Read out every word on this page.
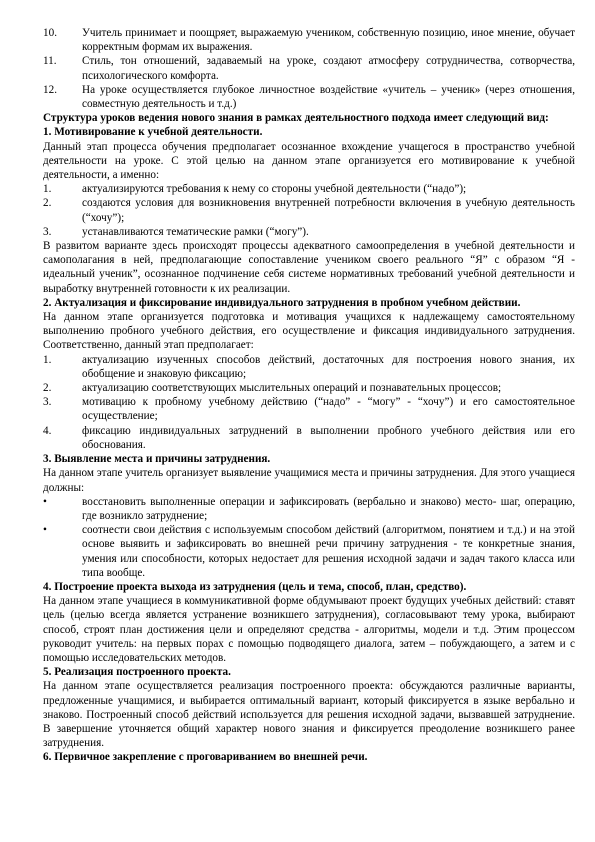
10.	Учитель принимает и поощряет, выражаемую учеником, собственную позицию, иное мнение, обучает корректным формам их выражения.
11.	Стиль, тон отношений, задаваемый на уроке, создают атмосферу сотрудничества, сотворчества, психологического комфорта.
12.	На уроке осуществляется глубокое личностное воздействие «учитель – ученик» (через отношения, совместную деятельность и т.д.)

Структура уроков ведения нового знания в рамках деятельностного подхода имеет следующий вид:

1. Мотивирование к учебной деятельности.

Данный этап процесса обучения предполагает осознанное вхождение учащегося в пространство учебной деятельности на уроке. С этой целью на данном этапе организуется его мотивирование к учебной деятельности, а именно:

1.	актуализируются требования к нему со стороны учебной деятельности (“надо”);
2.	создаются условия для возникновения внутренней потребности включения в учебную деятельность (“хочу”);
3.	устанавливаются тематические рамки (“могу”).

В развитом варианте здесь происходят процессы адекватного самоопределения в учебной деятельности и самополагания в ней, предполагающие сопоставление учеником своего реального “Я” с образом “Я - идеальный ученик”, осознанное подчинение себя системе нормативных требований учебной деятельности и выработку внутренней готовности к их реализации.

2. Актуализация и фиксирование индивидуального затруднения в пробном учебном действии.

На данном этапе организуется подготовка и мотивация учащихся к надлежащему самостоятельному выполнению пробного учебного действия, его осуществление и фиксация индивидуального затруднения. Соответственно, данный этап предполагает:

1.	актуализацию изученных способов действий, достаточных для построения нового знания, их обобщение и знаковую фиксацию;
2.	актуализацию соответствующих мыслительных операций и познавательных процессов;
3.	мотивацию к пробному учебному действию (“надо” - “могу” - “хочу”) и его самостоятельное осуществление;
4.	фиксацию индивидуальных затруднений в выполнении пробного учебного действия или его обоснования.

3. Выявление места и причины затруднения.

На данном этапе учитель организует выявление учащимися места и причины затруднения. Для этого учащиеся должны:

•	восстановить выполненные операции и зафиксировать (вербально и знаково) место- шаг, операцию, где возникло затруднение;
•	соотнести свои действия с используемым способом действий (алгоритмом, понятием и т.д.) и на этой основе выявить и зафиксировать во внешней речи причину затруднения - те конкретные знания, умения или способности, которых недостает для решения исходной задачи и задач такого класса или типа вообще.

4. Построение проекта выхода из затруднения (цель и тема, способ, план, средство).

На данном этапе учащиеся в коммуникативной форме обдумывают проект будущих учебных действий: ставят цель (целью всегда является устранение возникшего затруднения), согласовывают тему урока, выбирают способ, строят план достижения цели и определяют средства - алгоритмы, модели и т.д. Этим процессом руководит учитель: на первых порах с помощью подводящего диалога, затем – побуждающего, а затем и с помощью исследовательских методов.

5. Реализация построенного проекта.

На данном этапе осуществляется реализация построенного проекта: обсуждаются различные варианты, предложенные учащимися, и выбирается оптимальный вариант, который фиксируется в языке вербально и знаково. Построенный способ действий используется для решения исходной задачи, вызвавшей затруднение. В завершение уточняется общий характер нового знания и фиксируется преодоление возникшего ранее затруднения.

6. Первичное закрепление с проговариванием во внешней речи.
